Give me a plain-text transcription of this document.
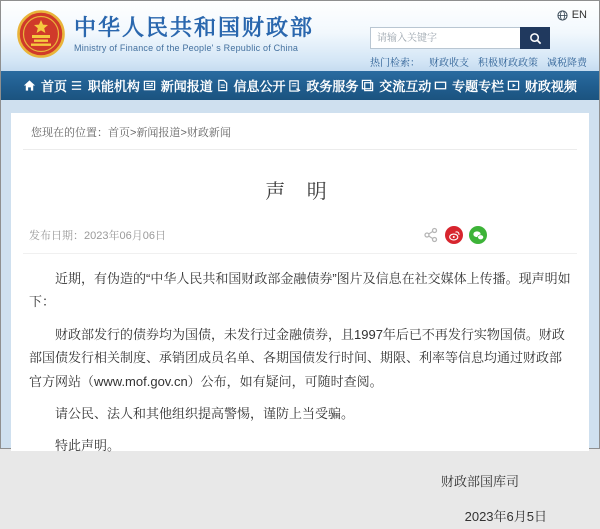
中华人民共和国财政部
Ministry of Finance of the People' s Republic of China
EN
请输入关键字
热门检索： 财政收支 积极财政政策 减税降费
首页 职能机构 新闻报道 信息公开 政务服务 交流互动 专题专栏 财政视频
您现在的位置：首页>新闻报道>财政新闻
声 明
发布日期：2023年06月06日

近期，有伪造的“中华人民共和国财政部金融债券”图片及信息在社交媒体上传播。现声明如下：

财政部发行的债券均为国债，未发行过金融债券，且1997年后已不再发行实物国债。财政部国债发行相关制度、承销团成员名单、各期国债发行时间、期限、利率等信息均通过财政部官方网站（www.mof.gov.cn）公布，如有疑问，可随时查阅。

请公民、法人和其他组织提高警惕，谨防上当受骗。

特此声明。

财政部国库司

2023年6月5日
